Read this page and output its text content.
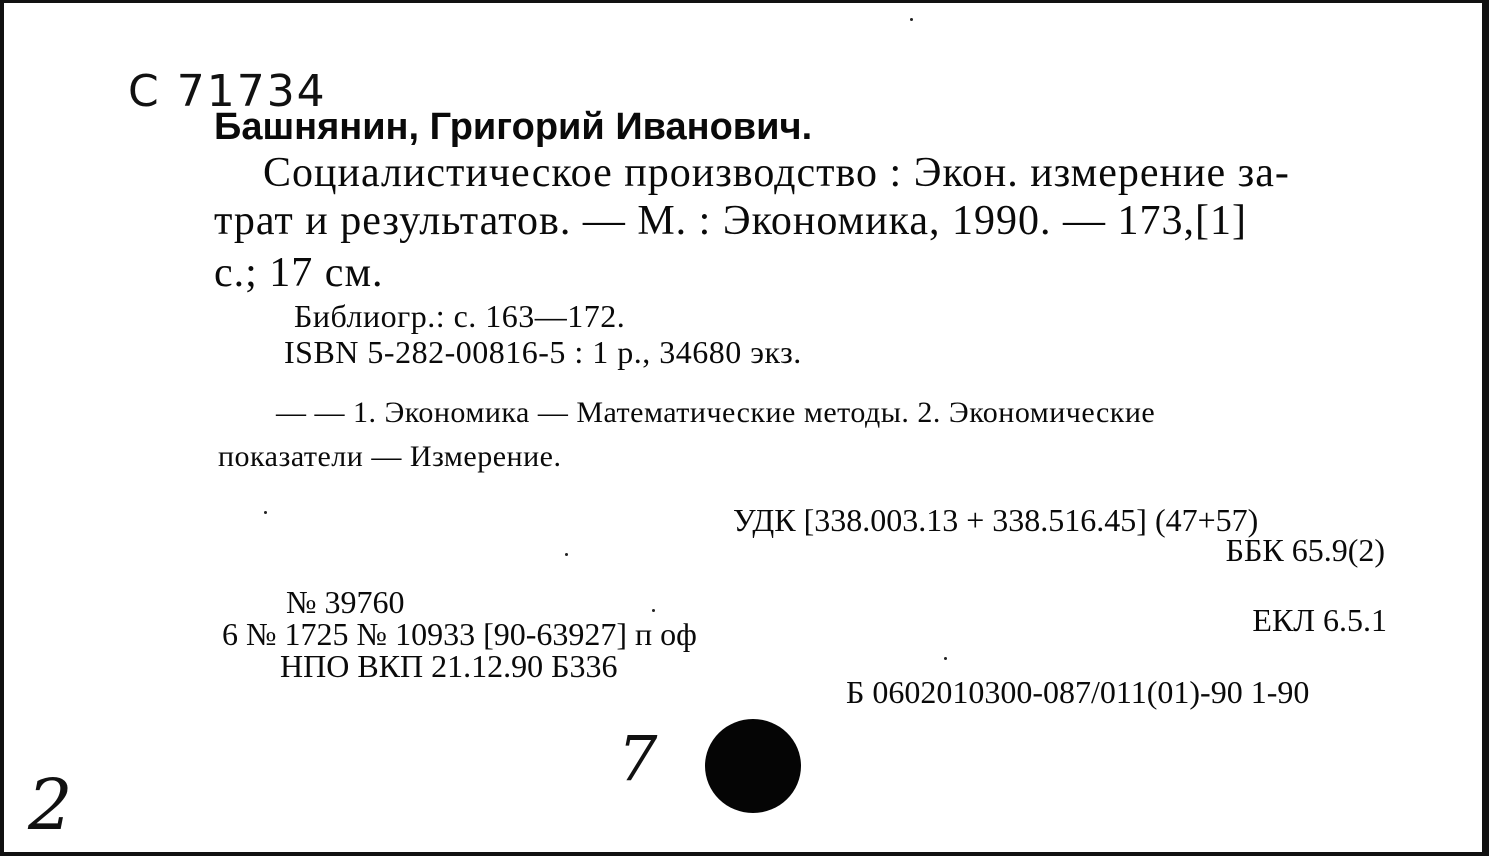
С 71734
Башнянин, Григорий Иванович.
Социалистическое производство : Экон. измерение за-
трат и результатов. — М. : Экономика, 1990. — 173,[1]
с.; 17 см.
Библиогр.: с. 163—172.
ISBN 5-282-00816-5 : 1 р., 34680 экз.
— — 1. Экономика — Математические методы. 2. Экономические
показатели — Измерение.
УДК [338.003.13 + 338.516.45] (47+57)
ББК 65.9(2)
ЕКЛ 6.5.1
№ 39760
6 № 1725 № 10933 [90-63927] п оф
НПО ВКП 21.12.90 Б336
Б 0602010300-087/011(01)-90 1-90
2
7
